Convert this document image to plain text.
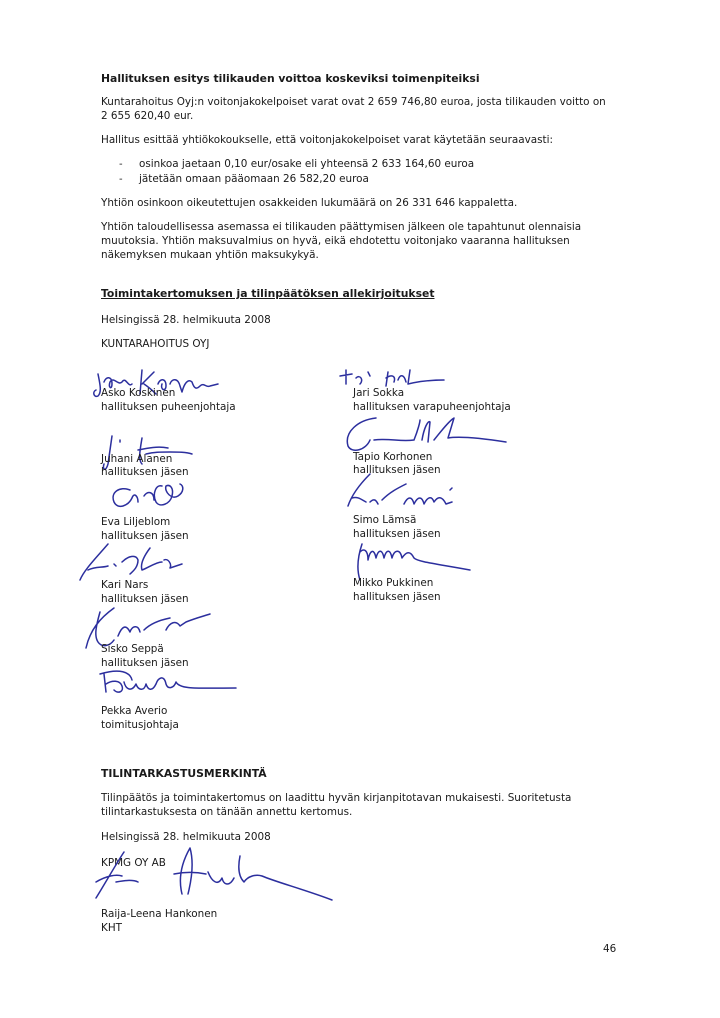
Hallituksen esitys tilikauden voittoa koskeviksi toimenpiteiksi

Kuntarahoitus Oyj:n voitonjakokelpoiset varat ovat 2 659 746,80 euroa, josta tilikauden voitto on

2 655 620,40 eur.

Hallitus esittää yhtiökokoukselle, että voitonjakokelpoiset varat käytetään seuraavasti:

- osinkoa jaetaan 0,10 eur/osake eli yhteensä 2 633 164,60 euroa

- jätetään omaan pääomaan 26 582,20 euroa

Yhtiön osinkoon oikeutettujen osakkeiden lukumäärä on 26 331 646 kappaletta.

Yhtiön taloudellisessa asemassa ei tilikauden päättymisen jälkeen ole tapahtunut olennaisia

muutoksia. Yhtiön maksuvalmius on hyvä, eikä ehdotettu voitonjako vaaranna hallituksen

näkemyksen mukaan yhtiön maksukykyä.

Toimintakertomuksen ja tilinpäätöksen allekirjoitukset

Helsingissä 28. helmikuuta 2008

KUNTARAHOITUS OYJ

Asko Koskinen

hallituksen puheenjohtaja

Jari Sokka

hallituksen varapuheenjohtaja

Juhani Alanen

hallituksen jäsen

Tapio Korhonen

hallituksen jäsen

Eva Liljeblom

hallituksen jäsen

Simo Lämsä

hallituksen jäsen

Kari Nars

hallituksen jäsen

Mikko Pukkinen

hallituksen jäsen

Sisko Seppä

hallituksen jäsen

Pekka Averio

toimitusjohtaja

TILINTARKASTUSMERKINTÄ

Tilinpäätös ja toimintakertomus on laadittu hyvän kirjanpitotavan mukaisesti. Suoritetusta

tilintarkastuksesta on tänään annettu kertomus.

Helsingissä 28. helmikuuta 2008

KPMG OY AB

Raija-Leena Hankonen

KHT

46
